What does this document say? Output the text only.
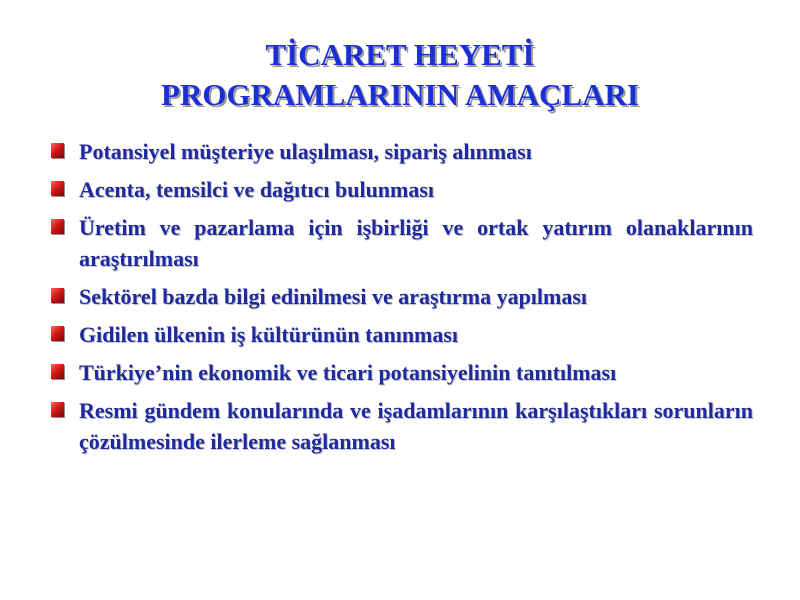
TİCARET HEYETİ
PROGRAMLARININ AMAÇLARI
Potansiyel müşteriye ulaşılması, sipariş alınması
Acenta, temsilci ve dağıtıcı bulunması
Üretim ve pazarlama için işbirliği ve ortak yatırım olanaklarının araştırılması
Sektörel bazda bilgi edinilmesi ve araştırma yapılması
Gidilen ülkenin iş kültürünün tanınması
Türkiye’nin ekonomik ve ticari potansiyelinin tanıtılması
Resmi gündem konularında ve işadamlarının karşılaştıkları sorunların çözülmesinde ilerleme sağlanması
